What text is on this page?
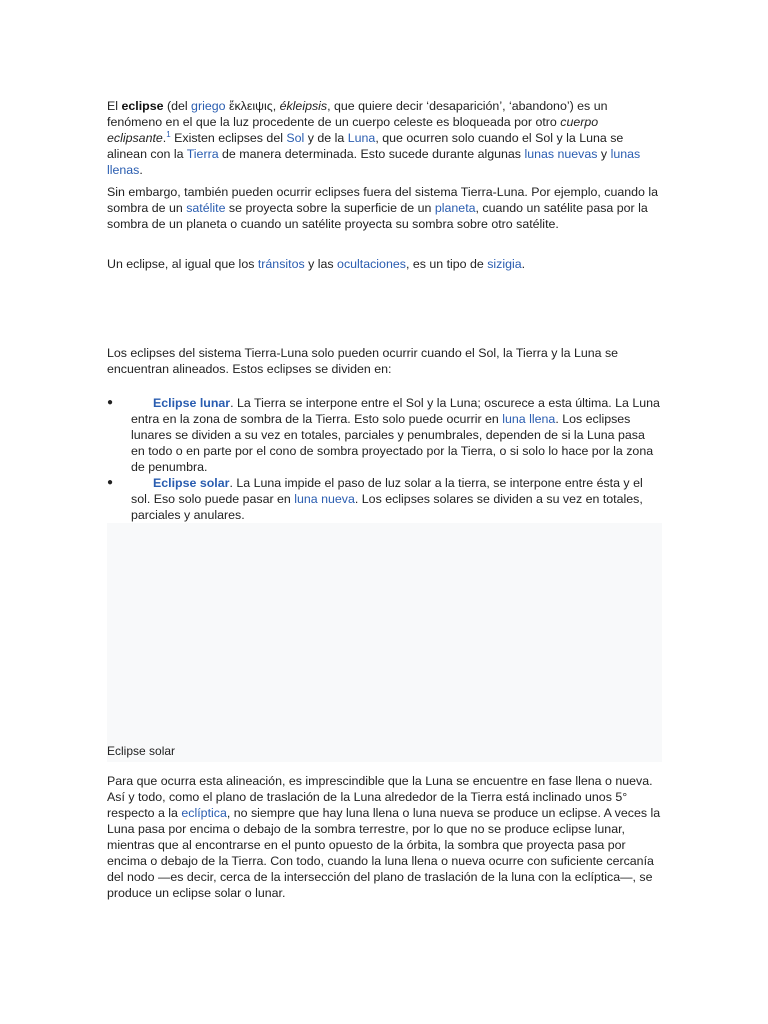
El eclipse (del griego ἔκλειψις, ékleipsis, que quiere decir ‘desaparición’, ‘abandono’) es un fenómeno en el que la luz procedente de un cuerpo celeste es bloqueada por otro cuerpo eclipsante.$^1$ Existen eclipses del Sol y de la Luna, que ocurren solo cuando el Sol y la Luna se alinean con la Tierra de manera determinada. Esto sucede durante algunas lunas nuevas y lunas llenas.

Sin embargo, también pueden ocurrir eclipses fuera del sistema Tierra-Luna. Por ejemplo, cuando la sombra de un satélite se proyecta sobre la superficie de un planeta, cuando un satélite pasa por la sombra de un planeta o cuando un satélite proyecta su sombra sobre otro satélite.

Un eclipse, al igual que los tránsitos y las ocultaciones, es un tipo de sizigia.

Los eclipses del sistema Tierra-Luna solo pueden ocurrir cuando el Sol, la Tierra y la Luna se encuentran alineados. Estos eclipses se dividen en:

●	Eclipse lunar. La Tierra se interpone entre el Sol y la Luna; oscurece a esta última. La Luna entra en la zona de sombra de la Tierra. Esto solo puede ocurrir en luna llena. Los eclipses lunares se dividen a su vez en totales, parciales y penumbrales, dependen de si la Luna pasa en todo o en parte por el cono de sombra proyectado por la Tierra, o si solo lo hace por la zona de penumbra.
●	Eclipse solar. La Luna impide el paso de luz solar a la tierra, se interpone entre ésta y el sol. Eso solo puede pasar en luna nueva. Los eclipses solares se dividen a su vez en totales, parciales y anulares.
Eclipse solar

Para que ocurra esta alineación, es imprescindible que la Luna se encuentre en fase llena o nueva. Así y todo, como el plano de traslación de la Luna alrededor de la Tierra está inclinado unos 5° respecto a la eclíptica, no siempre que hay luna llena o luna nueva se produce un eclipse. A veces la Luna pasa por encima o debajo de la sombra terrestre, por lo que no se produce eclipse lunar, mientras que al encontrarse en el punto opuesto de la órbita, la sombra que proyecta pasa por encima o debajo de la Tierra. Con todo, cuando la luna llena o nueva ocurre con suficiente cercanía del nodo —es decir, cerca de la intersección del plano de traslación de la luna con la eclíptica—, se produce un eclipse solar o lunar.
